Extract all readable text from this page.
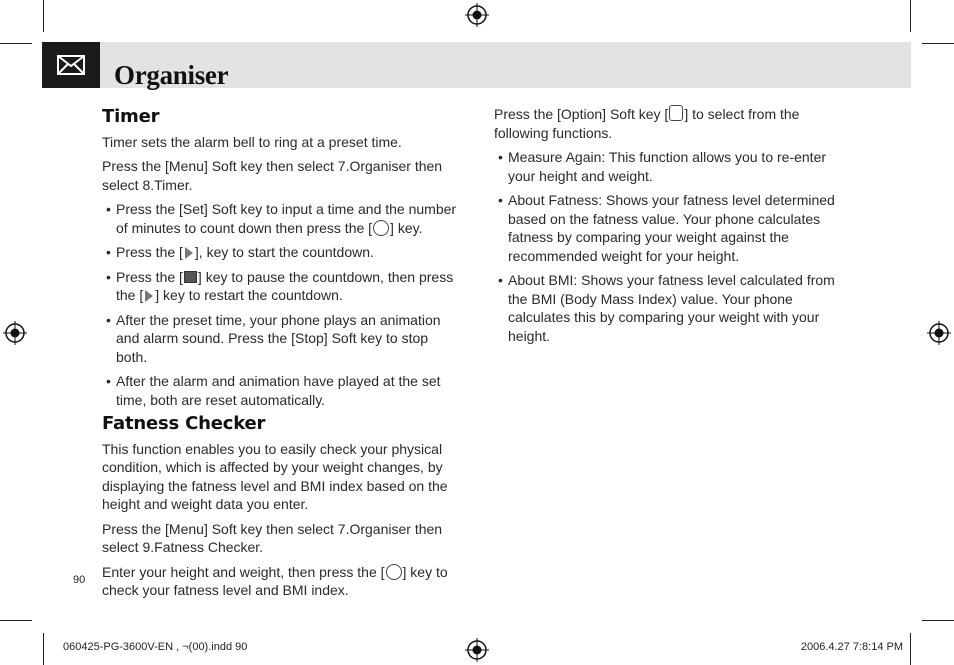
Organiser
Timer

Timer sets the alarm bell to ring at a preset time.

Press the [Menu] Soft key then select 7.Organiser then select 8.Timer.

• Press the [Set] Soft key to input a time and the number of minutes to count down then press the [ ] key.
• Press the [ ], key to start the countdown.
• Press the [ ] key to pause the countdown, then press the [ ] key to restart the countdown.
• After the preset time, your phone plays an animation and alarm sound. Press the [Stop] Soft key to stop both.
• After the alarm and animation have played at the set time, both are reset automatically.
Fatness Checker

This function enables you to easily check your physical condition, which is affected by your weight changes, by displaying the fatness level and BMI index based on the height and weight data you enter.

Press the [Menu] Soft key then select 7.Organiser then select 9.Fatness Checker.

Enter your height and weight, then press the [ ] key to check your fatness level and BMI index.

Press the [Option] Soft key [ ] to select from the following functions.

• Measure Again: This function allows you to re-enter your height and weight.
• About Fatness: Shows your fatness level determined based on the fatness value. Your phone calculates fatness by comparing your weight against the recommended weight for your height.
• About BMI: Shows your fatness level calculated from the BMI (Body Mass Index) value. Your phone calculates this by comparing your weight with your height.
90
060425-PG-3600V-EN , ¬(00).indd 90	2006.4.27 7:8:14 PM
